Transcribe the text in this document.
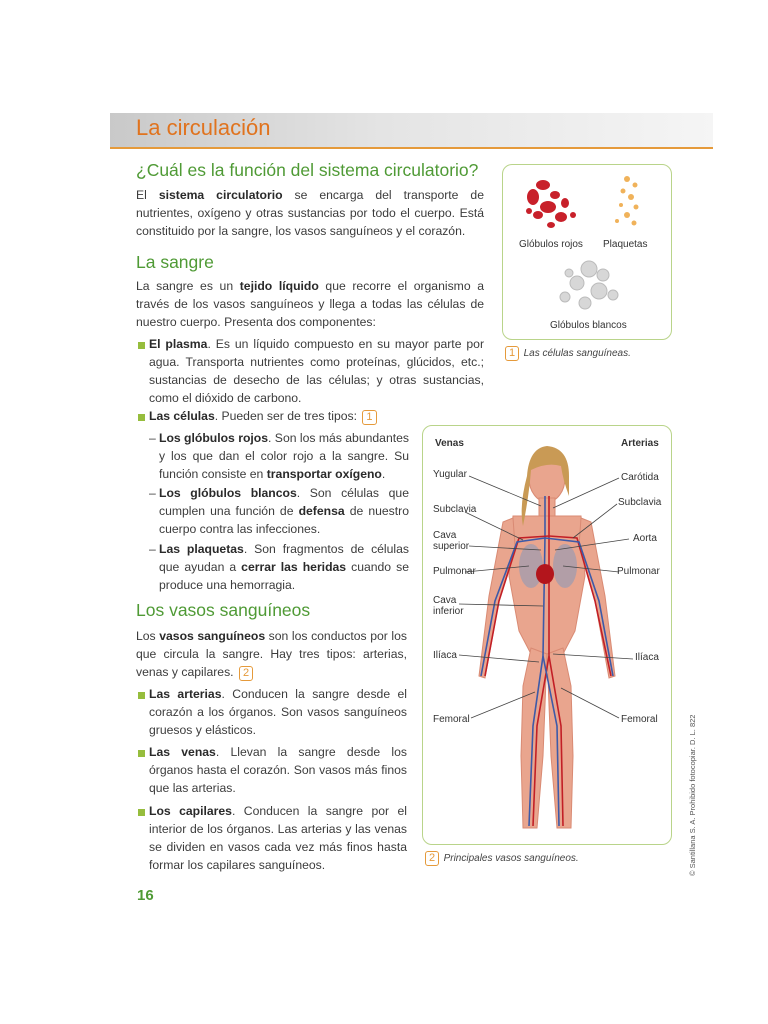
La circulación
¿Cuál es la función del sistema circulatorio?
El sistema circulatorio se encarga del transporte de nutrientes, oxígeno y otras sustancias por todo el cuerpo. Está constituido por la sangre, los vasos sanguíneos y el corazón.
La sangre
La sangre es un tejido líquido que recorre el organismo a través de los vasos sanguíneos y llega a todas las células de nuestro cuerpo. Presenta dos componentes:
El plasma. Es un líquido compuesto en su mayor parte por agua. Transporta nutrientes como proteínas, glúcidos, etc.; sustancias de desecho de las células; y otras sustancias, como el dióxido de carbono.
Las células. Pueden ser de tres tipos: 1
– Los glóbulos rojos. Son los más abundantes y los que dan el color rojo a la sangre. Su función consiste en transportar oxígeno.
– Los glóbulos blancos. Son células que cumplen una función de defensa de nuestro cuerpo contra las infecciones.
– Las plaquetas. Son fragmentos de células que ayudan a cerrar las heridas cuando se produce una hemorragia.
Los vasos sanguíneos
Los vasos sanguíneos son los conductos por los que circula la sangre. Hay tres tipos: arterias, venas y capilares. 2
Las arterias. Conducen la sangre desde el corazón a los órganos. Son vasos sanguíneos gruesos y elásticos.
Las venas. Llevan la sangre desde los órganos hasta el corazón. Son vasos más finos que las arterias.
Los capilares. Conducen la sangre por el interior de los órganos. Las arterias y las venas se dividen en vasos cada vez más finos hasta formar los capilares sanguíneos.
Glóbulos rojos Plaquetas
Glóbulos blancos
1 Las células sanguíneas.
Venas	Arterias
Yugular
Subclavia
Cava superior
Pulmonar
Cava inferior
Ilíaca
Femoral
Carótida
Subclavia
Aorta
Pulmonar
Ilíaca
Femoral
2 Principales vasos sanguíneos.
16
© Santillana S. A. Prohibido fotocopiar. D. L. 822
